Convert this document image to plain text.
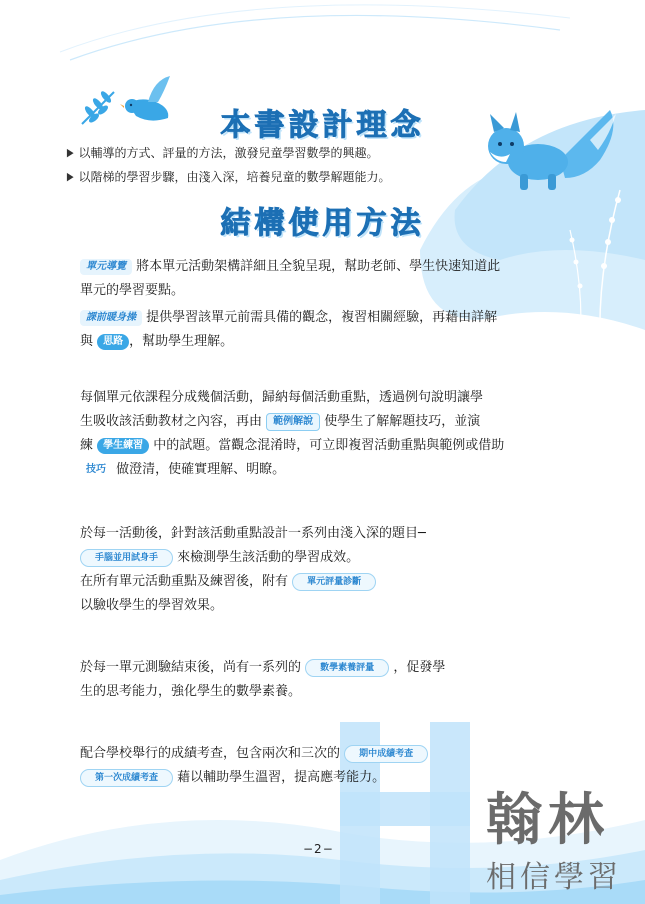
本書設計理念
▶ 以輔導的方式、評量的方法，激發兒童學習數學的興趣。
▶ 以階梯的學習步驟，由淺入深，培養兒童的數學解題能力。
結構使用方法
單元導覽 將本單元活動架構詳細且全貌呈現，幫助老師、學生快速知道此
單元的學習要點。
課前暖身操 提供學習該單元前需具備的觀念，複習相關經驗，再藉由詳解
與 思路 ，幫助學生理解。
每個單元依課程分成幾個活動，歸納每個活動重點，透過例句說明讓學
生吸收該活動教材之內容，再由 範例解說 使學生了解解題技巧，並演
練 學生練習 中的試題。當觀念混淆時，可立即複習活動重點與範例或借助
技巧 做澄清，使確實理解、明瞭。
於每一活動後，針對該活動重點設計一系列由淺入深的題目─
手腦並用試身手 來檢測學生該活動的學習成效。
在所有單元活動重點及練習後，附有 單元評量診斷
以驗收學生的學習效果。
於每一單元測驗結束後，尚有一系列的 數學素養評量 ，促發學
生的思考能力，強化學生的數學素養。
配合學校舉行的成績考查，包含兩次和三次的 期中成績考查
第一次成績考查 藉以輔助學生溫習，提高應考能力。
−2−	翰林
相信學習
